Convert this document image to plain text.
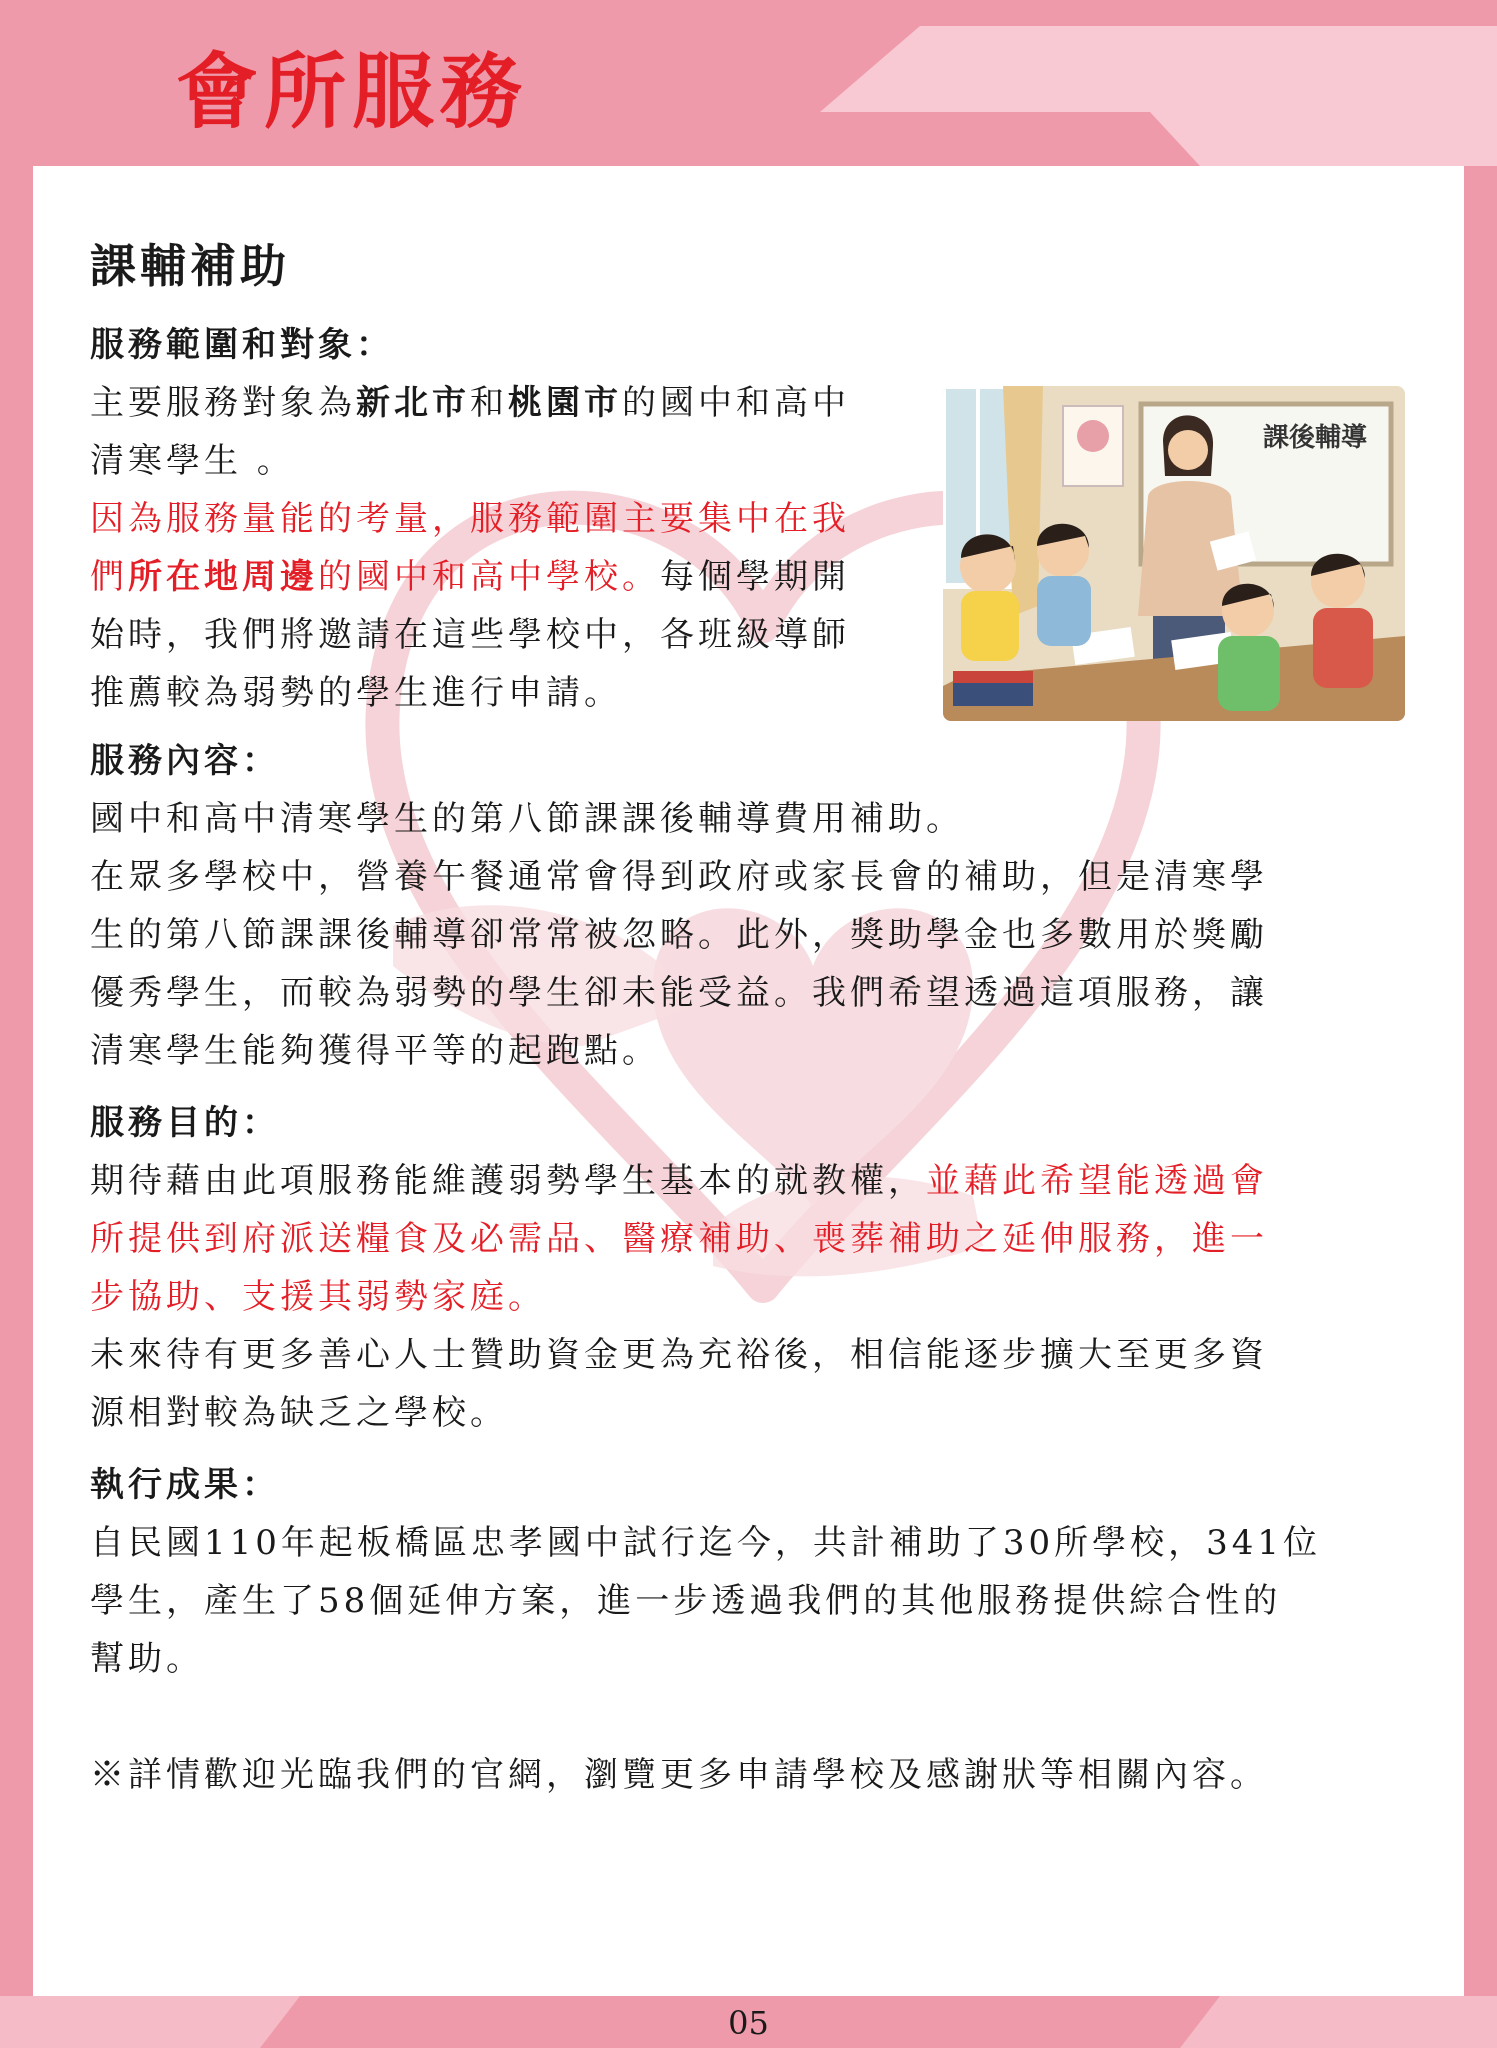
會所服務
課輔補助
服務範圍和對象：
主要服務對象為新北市和桃園市的國中和高中
清寒學生 。
因為服務量能的考量，服務範圍主要集中在我
們所在地周邊的國中和高中學校。每個學期開
始時，我們將邀請在這些學校中，各班級導師
推薦較為弱勢的學生進行申請。
課後輔導
服務內容：
國中和高中清寒學生的第八節課課後輔導費用補助。
在眾多學校中，營養午餐通常會得到政府或家長會的補助，但是清寒學
生的第八節課課後輔導卻常常被忽略。此外，獎助學金也多數用於獎勵
優秀學生，而較為弱勢的學生卻未能受益。我們希望透過這項服務，讓
清寒學生能夠獲得平等的起跑點。
服務目的：
期待藉由此項服務能維護弱勢學生基本的就教權，並藉此希望能透過會
所提供到府派送糧食及必需品、醫療補助、喪葬補助之延伸服務，進一
步協助、支援其弱勢家庭。
未來待有更多善心人士贊助資金更為充裕後，相信能逐步擴大至更多資
源相對較為缺乏之學校。
執行成果：
自民國110年起板橋區忠孝國中試行迄今，共計補助了30所學校，341位
學生，產生了58個延伸方案，進一步透過我們的其他服務提供綜合性的
幫助。
※詳情歡迎光臨我們的官網，瀏覽更多申請學校及感謝狀等相關內容。
05
